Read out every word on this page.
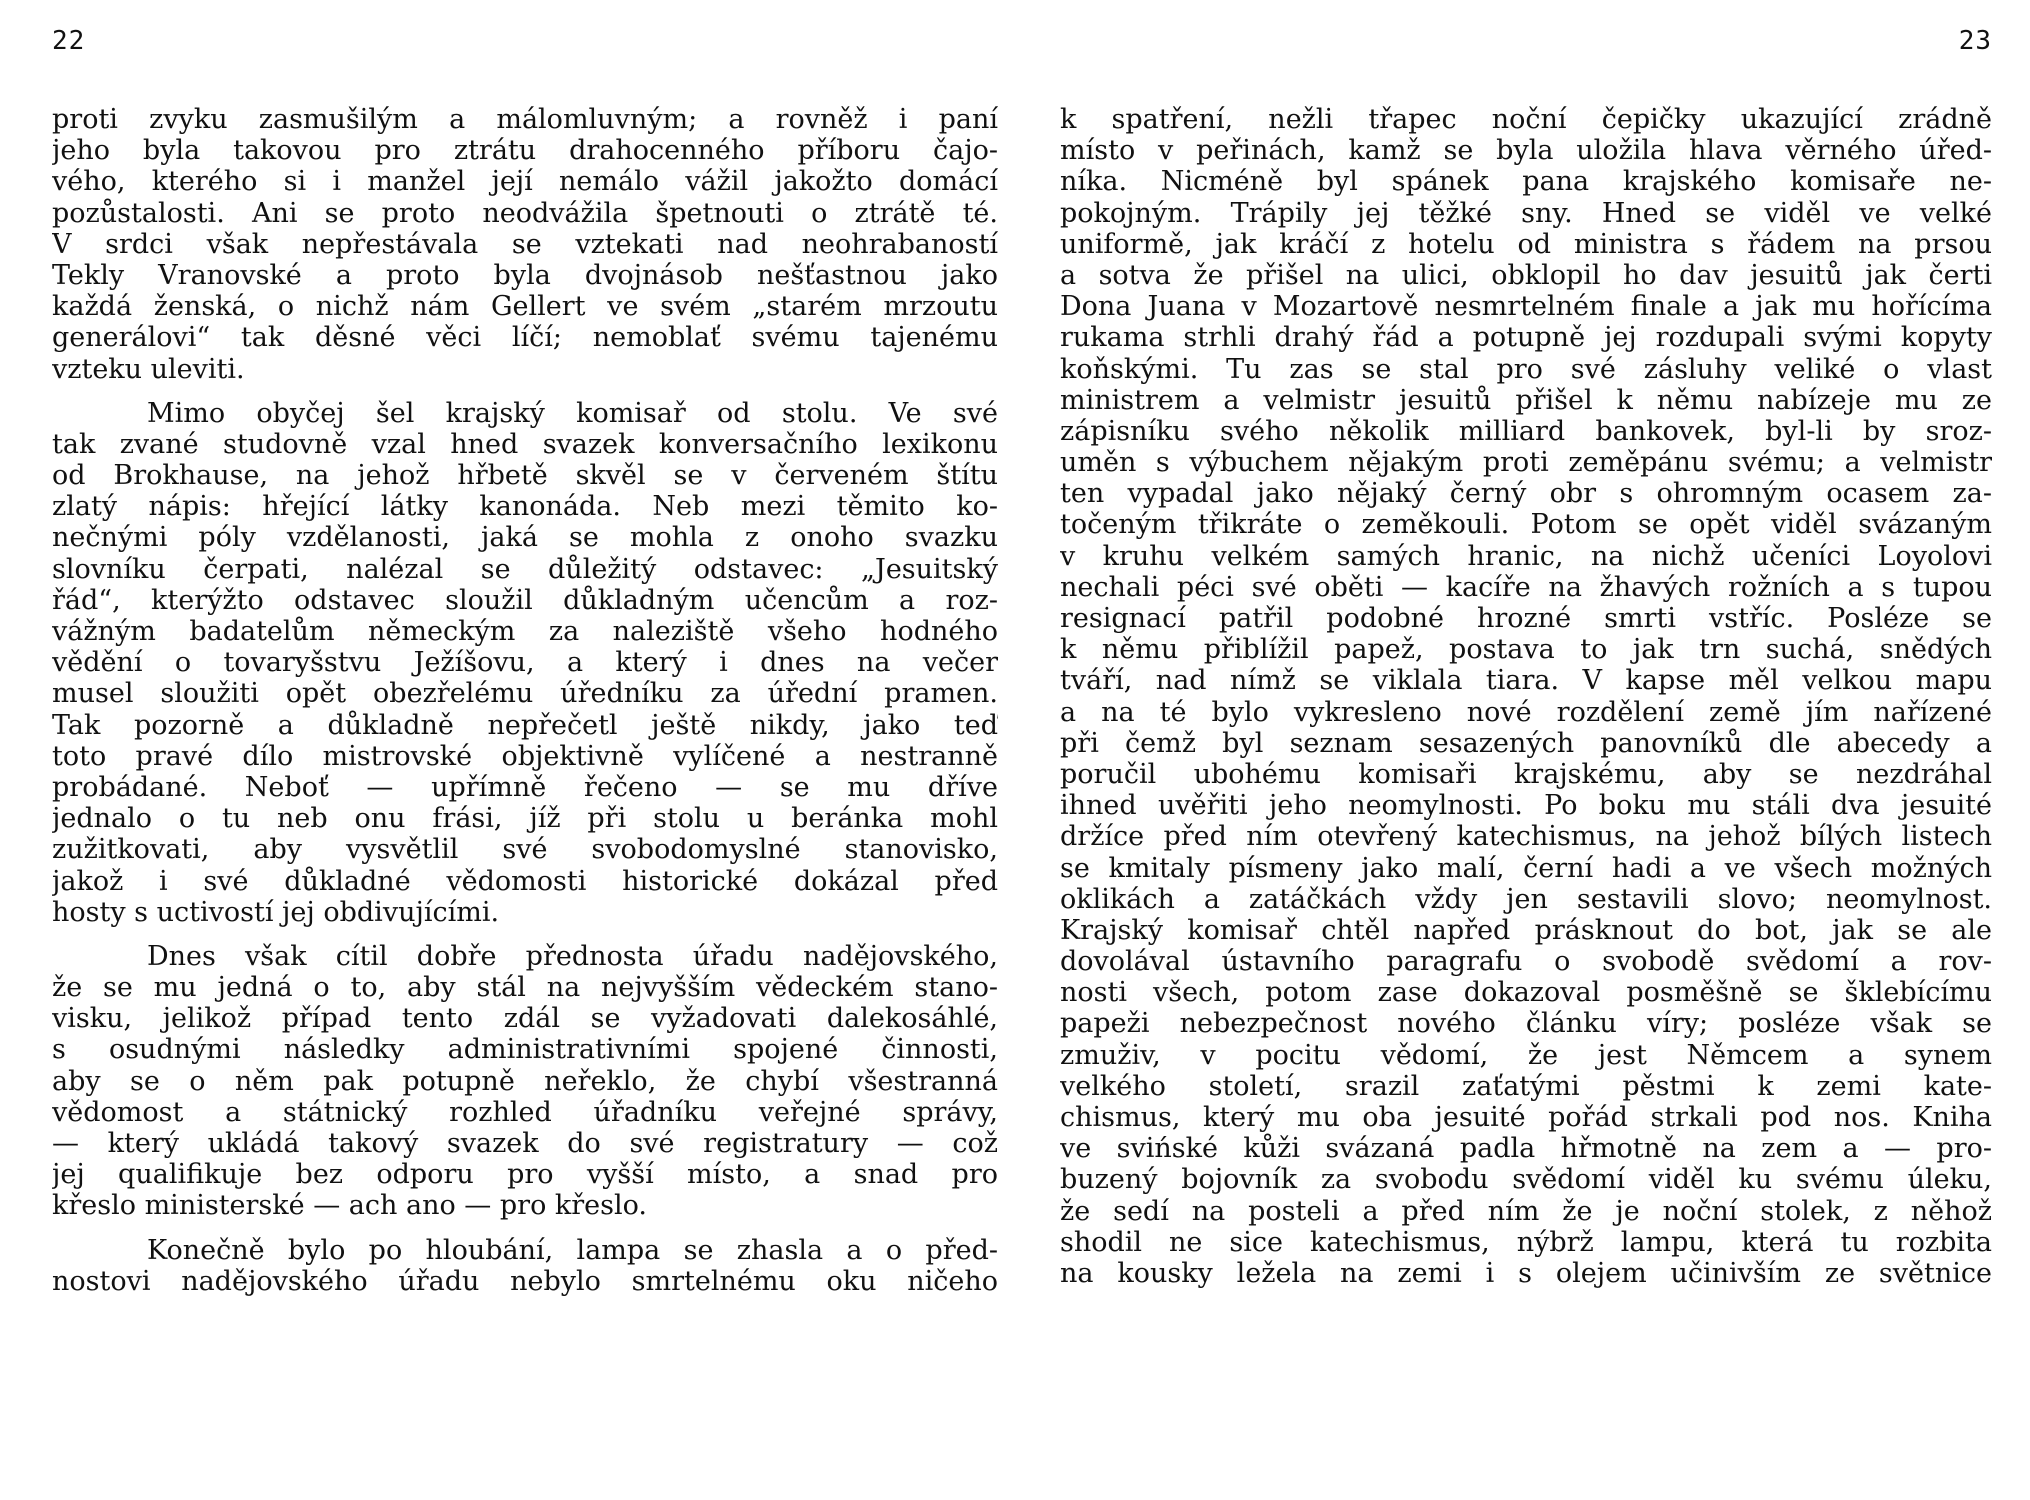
22
proti zvyku zasmušilým a málomluvným; a rovněž i paní
jeho byla takovou pro ztrátu drahocenného příboru čajo-
vého, kterého si i manžel její nemálo vážil jakožto domácí
pozůstalosti. Ani se proto neodvážila špetnouti o ztrátě té.
V srdci však nepřestávala se vztekati nad neohrabaností
Tekly Vranovské a proto byla dvojnásob nešťastnou jako
každá ženská, o nichž nám Gellert ve svém „starém mrzoutu
generálovi“ tak děsné věci líčí; nemoblať svému tajenému
vzteku uleviti.
Mimo obyčej šel krajský komisař od stolu. Ve své
tak zvané studovně vzal hned svazek konversačního lexikonu
od Brokhause, na jehož hřbetě skvěl se v červeném štítu
zlatý nápis: hřející látky kanonáda. Neb mezi těmito ko-
nečnými póly vzdělanosti, jaká se mohla z onoho svazku
slovníku čerpati, nalézal se důležitý odstavec: „Jesuitský
řád“, kterýžto odstavec sloužil důkladným učencům a roz-
vážným badatelům německým za naleziště všeho hodného
vědění o tovaryšstvu Ježíšovu, a který i dnes na večer
musel sloužiti opět obezřelému úředníku za úřední pramen.
Tak pozorně a důkladně nepřečetl ještě nikdy, jako teď
toto pravé dílo mistrovské objektivně vylíčené a nestranně
probádané. Neboť — upřímně řečeno — se mu dříve
jednalo o tu neb onu frási, jíž při stolu u beránka mohl
zužitkovati, aby vysvětlil své svobodomyslné stanovisko,
jakož i své důkladné vědomosti historické dokázal před
hosty s uctivostí jej obdivujícími.
Dnes však cítil dobře přednosta úřadu nadějovského,
že se mu jedná o to, aby stál na nejvyšším vědeckém stano-
visku, jelikož případ tento zdál se vyžadovati dalekosáhlé,
s osudnými následky administrativními spojené činnosti,
aby se o něm pak potupně neřeklo, že chybí všestranná
vědomost a státnický rozhled úřadníku veřejné správy,
— který ukládá takový svazek do své registratury — což
jej qualifikuje bez odporu pro vyšší místo, a snad pro
křeslo ministerské — ach ano — pro křeslo.
Konečně bylo po hloubání, lampa se zhasla a o před-
nostovi nadějovského úřadu nebylo smrtelnému oku ničeho
23
k spatření, nežli třapec noční čepičky ukazující zrádně
místo v peřinách, kamž se byla uložila hlava věrného úřed-
níka. Nicméně byl spánek pana krajského komisaře ne-
pokojným. Trápily jej těžké sny. Hned se viděl ve velké
uniformě, jak kráčí z hotelu od ministra s řádem na prsou
a sotva že přišel na ulici, obklopil ho dav jesuitů jak čerti
Dona Juana v Mozartově nesmrtelném finale a jak mu hořícíma
rukama strhli drahý řád a potupně jej rozdupali svými kopyty
koňskými. Tu zas se stal pro své zásluhy veliké o vlast
ministrem a velmistr jesuitů přišel k němu nabízeje mu ze
zápisníku svého několik milliard bankovek, byl-li by sroz-
uměn s výbuchem nějakým proti zeměpánu svému; a velmistr
ten vypadal jako nějaký černý obr s ohromným ocasem za-
točeným třikráte o zeměkouli. Potom se opět viděl svázaným
v kruhu velkém samých hranic, na nichž učeníci Loyolovi
nechali péci své oběti — kacíře na žhavých rožních a s tupou
resignací patřil podobné hrozné smrti vstříc. Posléze se
k němu přiblížil papež, postava to jak trn suchá, snědých
tváří, nad nímž se viklala tiara. V kapse měl velkou mapu
a na té bylo vykresleno nové rozdělení země jím nařízené
při čemž byl seznam sesazených panovníků dle abecedy a
poručil ubohému komisaři krajskému, aby se nezdráhal
ihned uvěřiti jeho neomylnosti. Po boku mu stáli dva jesuité
držíce před ním otevřený katechismus, na jehož bílých listech
se kmitaly písmeny jako malí, černí hadi a ve všech možných
oklikách a zatáčkách vždy jen sestavili slovo; neomylnost.
Krajský komisař chtěl napřed prásknout do bot, jak se ale
dovolával ústavního paragrafu o svobodě svědomí a rov-
nosti všech, potom zase dokazoval posměšně se šklebícímu
papeži nebezpečnost nového článku víry; posléze však se
zmuživ, v pocitu vědomí, že jest Němcem a synem
velkého století, srazil zaťatými pěstmi k zemi kate-
chismus, který mu oba jesuité pořád strkali pod nos. Kniha
ve svińské kůži svázaná padla hřmotně na zem a — pro-
buzený bojovník za svobodu svědomí viděl ku svému úleku,
že sedí na posteli a před ním že je noční stolek, z něhož
shodil ne sice katechismus, nýbrž lampu, která tu rozbita
na kousky ležela na zemi i s olejem učinivším ze světnice
